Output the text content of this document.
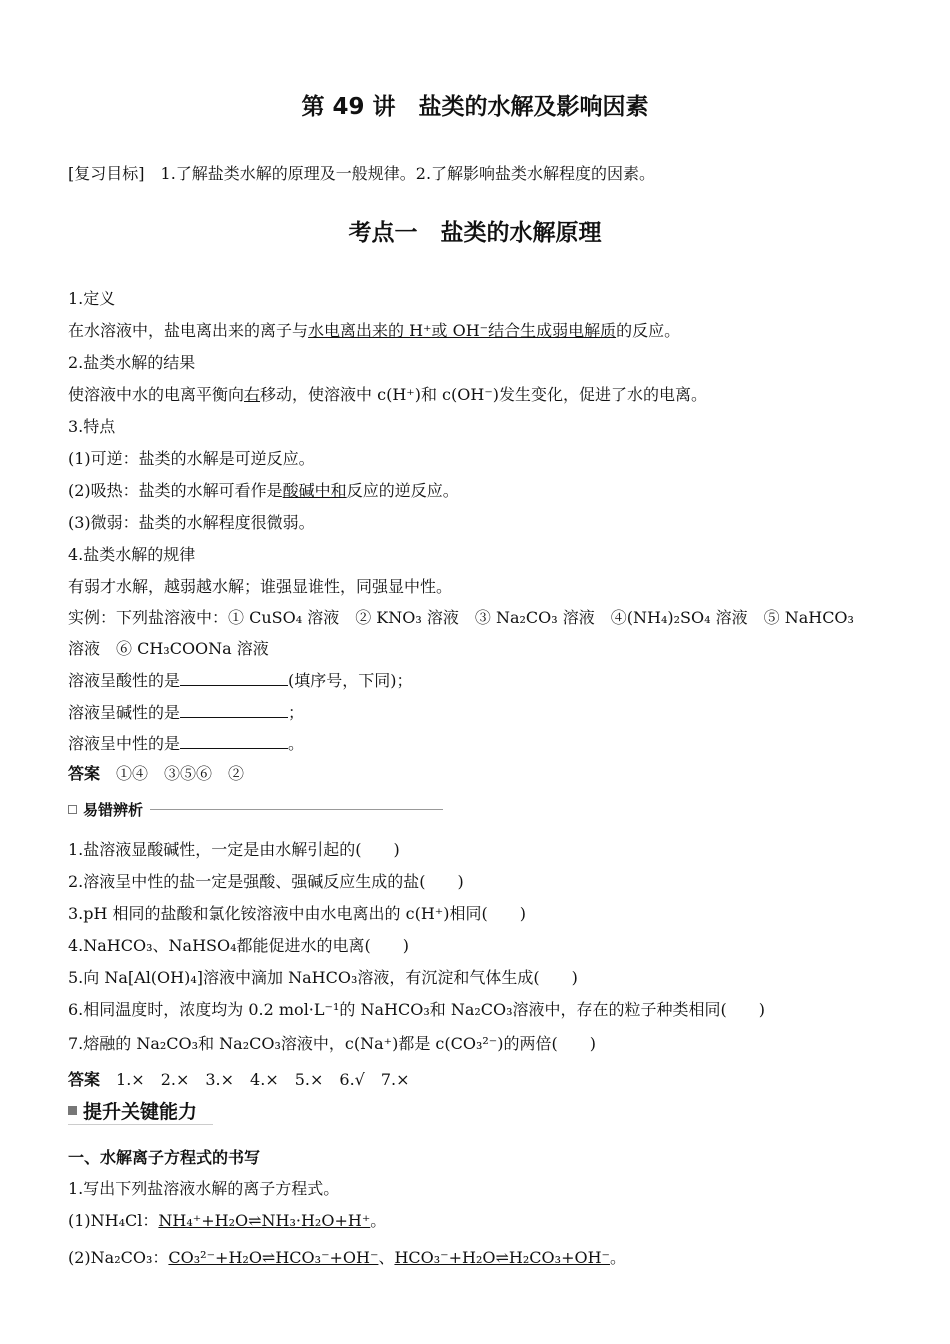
第 49 讲　盐类的水解及影响因素
[复习目标]　 1.了解盐类水解的原理及一般规律。2.了解影响盐类水解程度的因素。
考点一　盐类的水解原理
1.定义
在水溶液中，盐电离出来的离子与水电离出来的 H⁺或 OH⁻结合生成弱电解质的反应。
2.盐类水解的结果
使溶液中水的电离平衡向右移动，使溶液中 c(H⁺)和 c(OH⁻)发生变化，促进了水的电离。
3.特点
(1)可逆：盐类的水解是可逆反应。
(2)吸热：盐类的水解可看作是酸碱中和反应的逆反应。
(3)微弱：盐类的水解程度很微弱。
4.盐类水解的规律
有弱才水解，越弱越水解；谁强显谁性，同强显中性。
实例：下列盐溶液中：① CuSO₄ 溶液　② KNO₃ 溶液　③ Na₂CO₃ 溶液　④(NH₄)₂SO₄ 溶液　⑤ NaHCO₃
溶液　⑥ CH₃COONa 溶液
溶液呈酸性的是	(填序号，下同)；
溶液呈碱性的是	；
溶液呈中性的是	。
答案　 ①④　③⑤⑥　②
易错辨析
1.盐溶液显酸碱性，一定是由水解引起的(　　)
2.溶液呈中性的盐一定是强酸、强碱反应生成的盐(　　)
3.pH 相同的盐酸和氯化铵溶液中由水电离出的 c(H⁺)相同(　　)
4.NaHCO₃、NaHSO₄都能促进水的电离(　　)
5.向 Na[Al(OH)₄]溶液中滴加 NaHCO₃溶液，有沉淀和气体生成(　　)
6.相同温度时，浓度均为 0.2 mol·L⁻¹的 NaHCO₃和 Na₂CO₃溶液中，存在的粒子种类相同(　　)
7.熔融的 Na₂CO₃和 Na₂CO₃溶液中，c(Na⁺)都是 c(CO₃²⁻)的两倍(　　)
答案　 1.×　2.×　3.×　4.×　5.×　6.√　7.×
提升关键能力
一、水解离子方程式的书写
1.写出下列盐溶液水解的离子方程式。
(1)NH₄Cl：NH₄⁺+H₂O⇌NH₃·H₂O+H⁺。
(2)Na₂CO₃：CO₃²⁻+H₂O⇌HCO₃⁻+OH⁻、HCO₃⁻+H₂O⇌H₂CO₃+OH⁻。
